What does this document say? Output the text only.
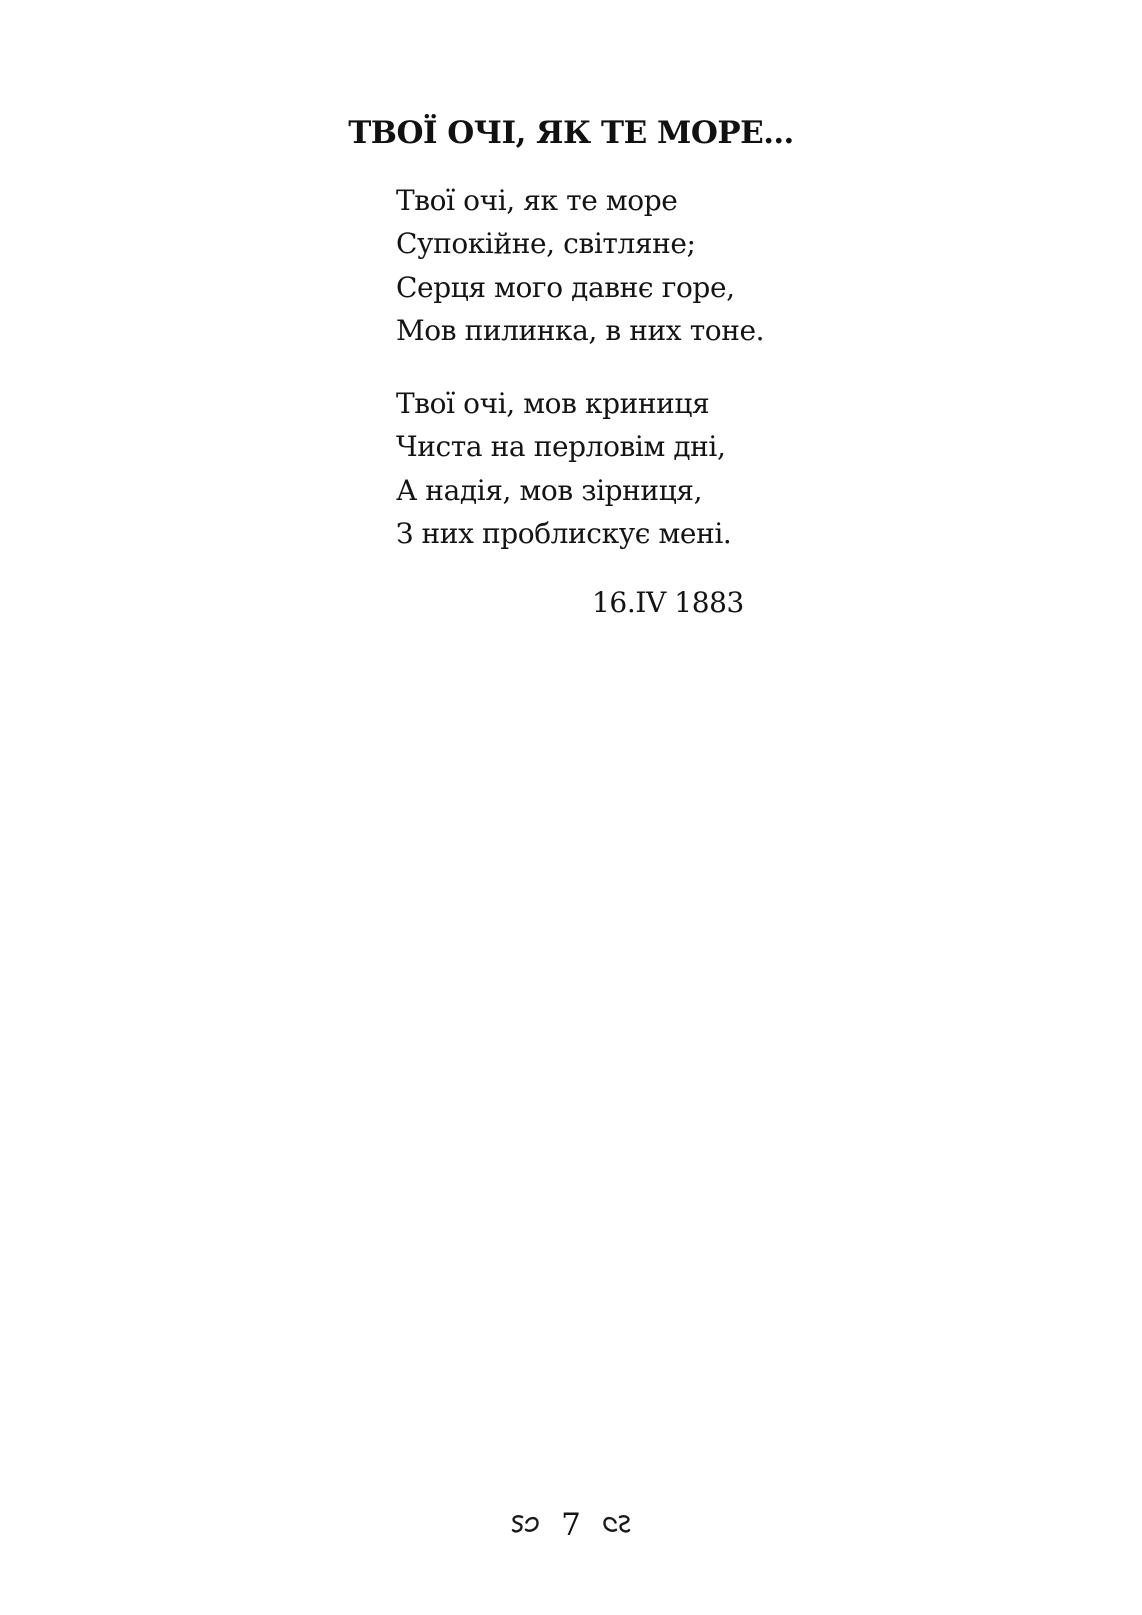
ТВОЇ ОЧІ, ЯК ТЕ МОРЕ…
Твої очі, як те море
Супокійне, світляне;
Серця мого давнє горе,
Мов пилинка, в них тоне.
Твої очі, мов криниця
Чиста на перловім дні,
А надія, мов зірниця,
З них проблискує мені.
16.IV 1883
7
